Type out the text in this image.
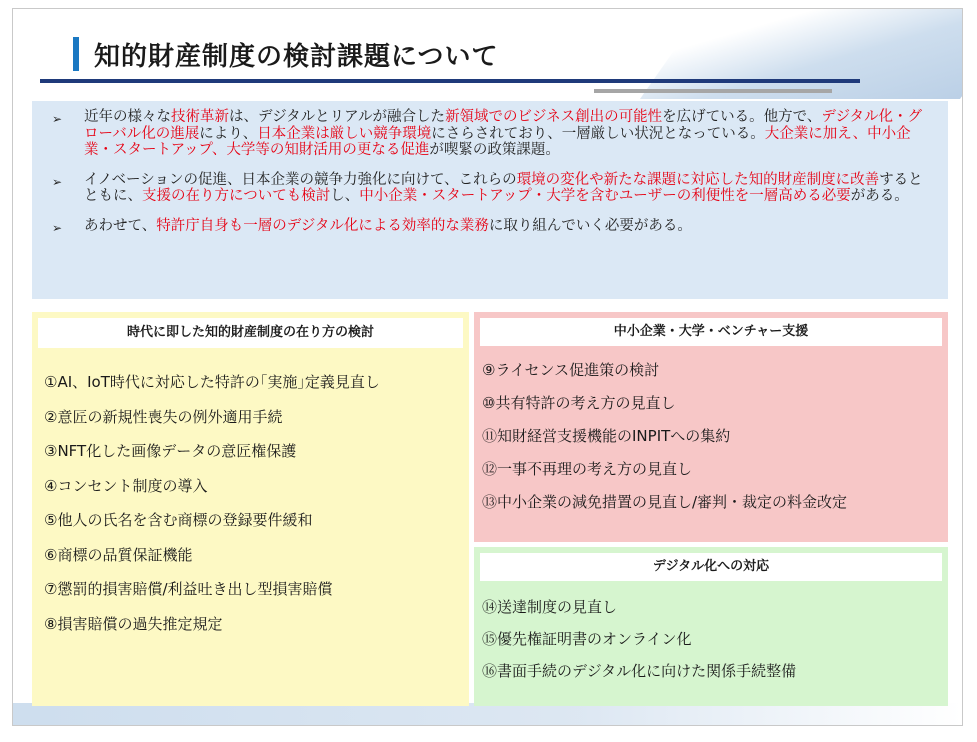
知的財産制度の検討課題について
➢	近年の様々な技術革新は、デジタルとリアルが融合した新領域でのビジネス創出の可能性を広げている。他方で、デジタル化・グローバル化の進展により、日本企業は厳しい競争環境にさらされており、一層厳しい状況となっている。大企業に加え、中小企業・スタートアップ、大学等の知財活用の更なる促進が喫緊の政策課題。
➢	イノベーションの促進、日本企業の競争力強化に向けて、これらの環境の変化や新たな課題に対応した知的財産制度に改善するとともに、支援の在り方についても検討し、中小企業・スタートアップ・大学を含むユーザーの利便性を一層高める必要がある。
➢	あわせて、特許庁自身も一層のデジタル化による効率的な業務に取り組んでいく必要がある。
時代に即した知的財産制度の在り方の検討
①AI、IoT時代に対応した特許の｢実施｣定義見直し
②意匠の新規性喪失の例外適用手続
③NFT化した画像データの意匠権保護
④コンセント制度の導入
⑤他人の氏名を含む商標の登録要件緩和
⑥商標の品質保証機能
⑦懲罰的損害賠償/利益吐き出し型損害賠償
⑧損害賠償の過失推定規定
中小企業・大学・ベンチャー支援
⑨ライセンス促進策の検討
⑩共有特許の考え方の見直し
⑪知財経営支援機能のINPITへの集約
⑫一事不再理の考え方の見直し
⑬中小企業の減免措置の見直し/審判・裁定の料金改定
デジタル化への対応
⑭送達制度の見直し
⑮優先権証明書のオンライン化
⑯書面手続のデジタル化に向けた関係手続整備
